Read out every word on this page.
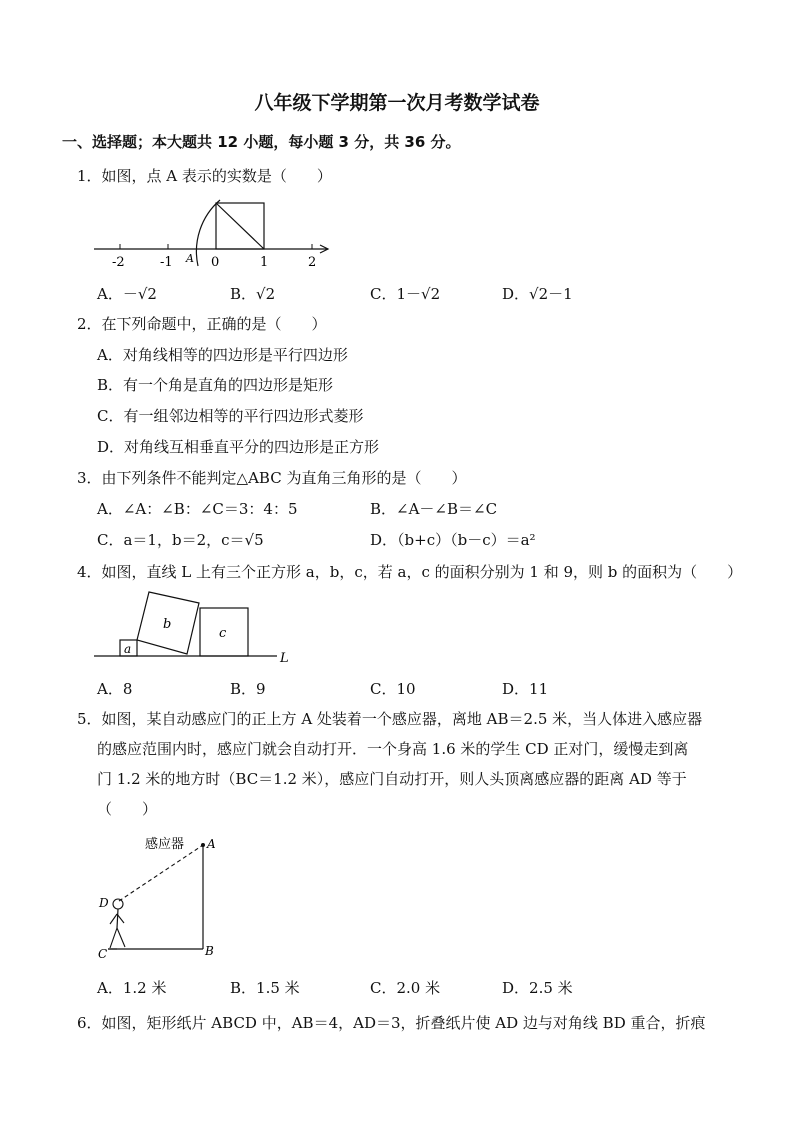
八年级下学期第一次月考数学试卷
一、选择题；本大题共 12 小题，每小题 3 分，共 36 分。
1．如图，点 A 表示的实数是（　　）
-2	-1	0	1	2
A
A．－√2	B．√2	C．1－√2	D．√2－1
2．在下列命题中，正确的是（　　）
A．对角线相等的四边形是平行四边形
B．有一个角是直角的四边形是矩形
C．有一组邻边相等的平行四边形式菱形
D．对角线互相垂直平分的四边形是正方形
3．由下列条件不能判定△ABC 为直角三角形的是（　　）
A．∠A：∠B：∠C＝3：4：5	B．∠A－∠B＝∠C
C．a＝1，b＝2，c＝√5	D．（b+c）（b－c）＝a²
4．如图，直线 L 上有三个正方形 a，b，c，若 a，c 的面积分别为 1 和 9，则 b 的面积为（　　）
a
b
c
L
A．8	B．9	C．10	D．11
5．如图，某自动感应门的正上方 A 处装着一个感应器，离地 AB＝2.5 米，当人体进入感应器
的感应范围内时，感应门就会自动打开．一个身高 1.6 米的学生 CD 正对门，缓慢走到离
门 1.2 米的地方时（BC＝1.2 米），感应门自动打开，则人头顶离感应器的距离 AD 等于
（　　）
感应器 A
B
C
D
A．1.2 米	B．1.5 米	C．2.0 米	D．2.5 米
6．如图，矩形纸片 ABCD 中，AB＝4，AD＝3，折叠纸片使 AD 边与对角线 BD 重合，折痕
